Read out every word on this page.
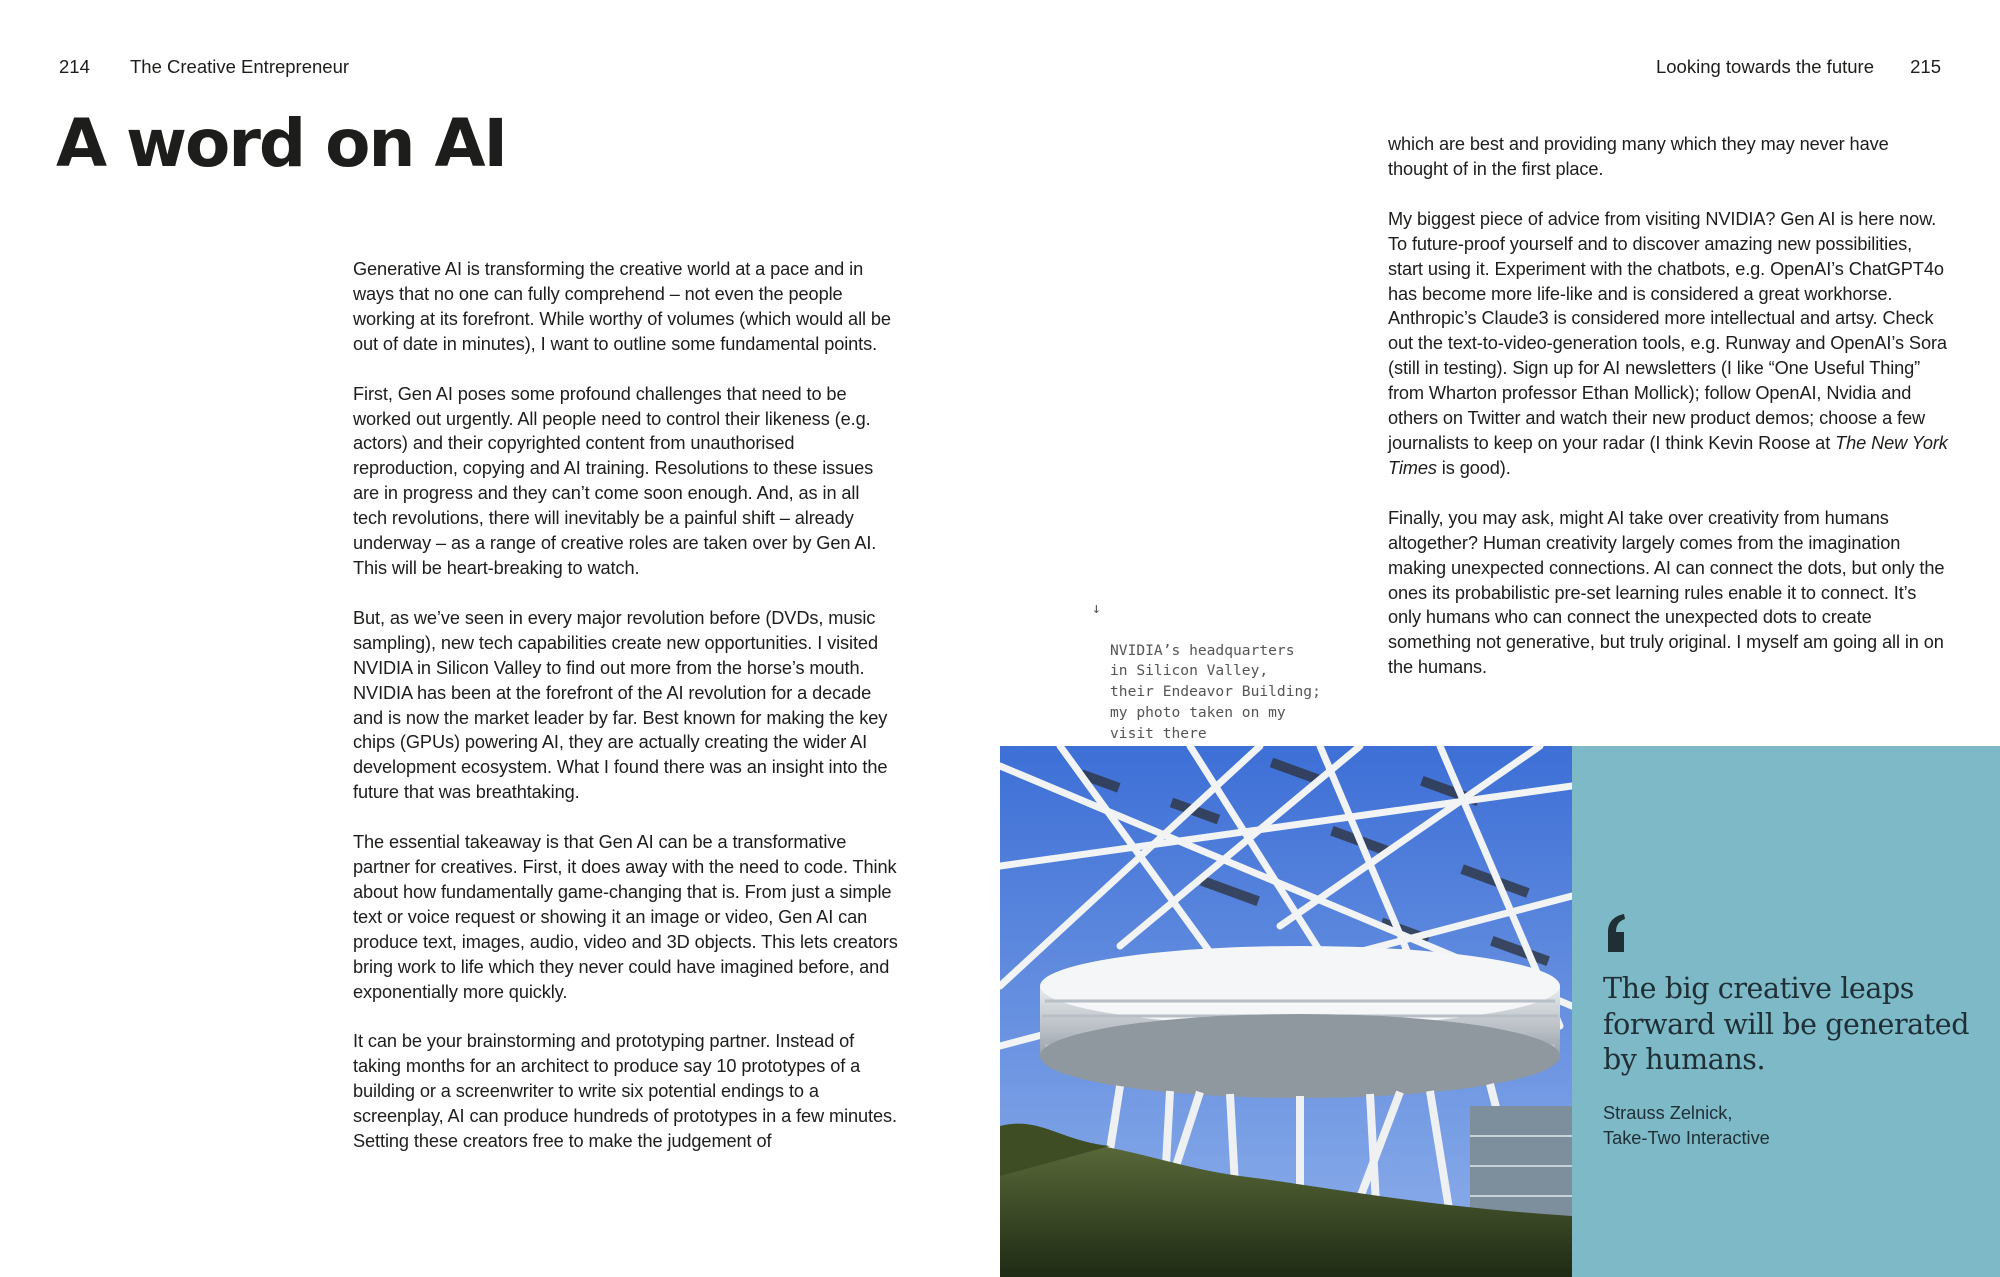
214 The Creative Entrepreneur	Looking towards the future 215
A word on AI

Generative AI is transforming the creative world at a pace and in ways that no one can fully comprehend – not even the people working at its forefront. While worthy of volumes (which would all be out of date in minutes), I want to outline some fundamental points.

First, Gen AI poses some profound challenges that need to be worked out urgently. All people need to control their likeness (e.g. actors) and their copyrighted content from unauthorised reproduction, copying and AI training. Resolutions to these issues are in progress and they can’t come soon enough. And, as in all tech revolutions, there will inevitably be a painful shift – already underway – as a range of creative roles are taken over by Gen AI. This will be heart-breaking to watch.

But, as we’ve seen in every major revolution before (DVDs, music sampling), new tech capabilities create new opportunities. I visited NVIDIA in Silicon Valley to find out more from the horse’s mouth. NVIDIA has been at the forefront of the AI revolution for a decade and is now the market leader by far. Best known for making the key chips (GPUs) powering AI, they are actually creating the wider AI development ecosystem. What I found there was an insight into the future that was breathtaking.

The essential takeaway is that Gen AI can be a transformative partner for creatives. First, it does away with the need to code. Think about how fundamentally game-changing that is. From just a simple text or voice request or showing it an image or video, Gen AI can produce text, images, audio, video and 3D objects. This lets creators bring work to life which they never could have imagined before, and exponentially more quickly.

It can be your brainstorming and prototyping partner. Instead of taking months for an architect to produce say 10 prototypes of a building or a screenwriter to write six potential endings to a screenplay, AI can produce hundreds of prototypes in a few minutes. Setting these creators free to make the judgement of

which are best and providing many which they may never have thought of in the first place.

My biggest piece of advice from visiting NVIDIA? Gen AI is here now. To future-proof yourself and to discover amazing new possibilities, start using it. Experiment with the chatbots, e.g. OpenAI’s ChatGPT4o has become more life-like and is considered a great workhorse. Anthropic’s Claude3 is considered more intellectual and artsy. Check out the text-to-video-generation tools, e.g. Runway and OpenAI’s Sora (still in testing). Sign up for AI newsletters (I like “One Useful Thing” from Wharton professor Ethan Mollick); follow OpenAI, Nvidia and others on Twitter and watch their new product demos; choose a few journalists to keep on your radar (I think Kevin Roose at The New York Times is good).

Finally, you may ask, might AI take over creativity from humans altogether? Human creativity largely comes from the imagination making unexpected connections. AI can connect the dots, but only the ones its probabilistic pre-set learning rules enable it to connect. It’s only humans who can connect the unexpected dots to create something not generative, but truly original. I myself am going all in on the humans.

↓

NVIDIA’s headquarters
in Silicon Valley,
their Endeavor Building;
my photo taken on my
visit there

The big creative leaps forward will be generated by humans.

Strauss Zelnick,
Take-Two Interactive
